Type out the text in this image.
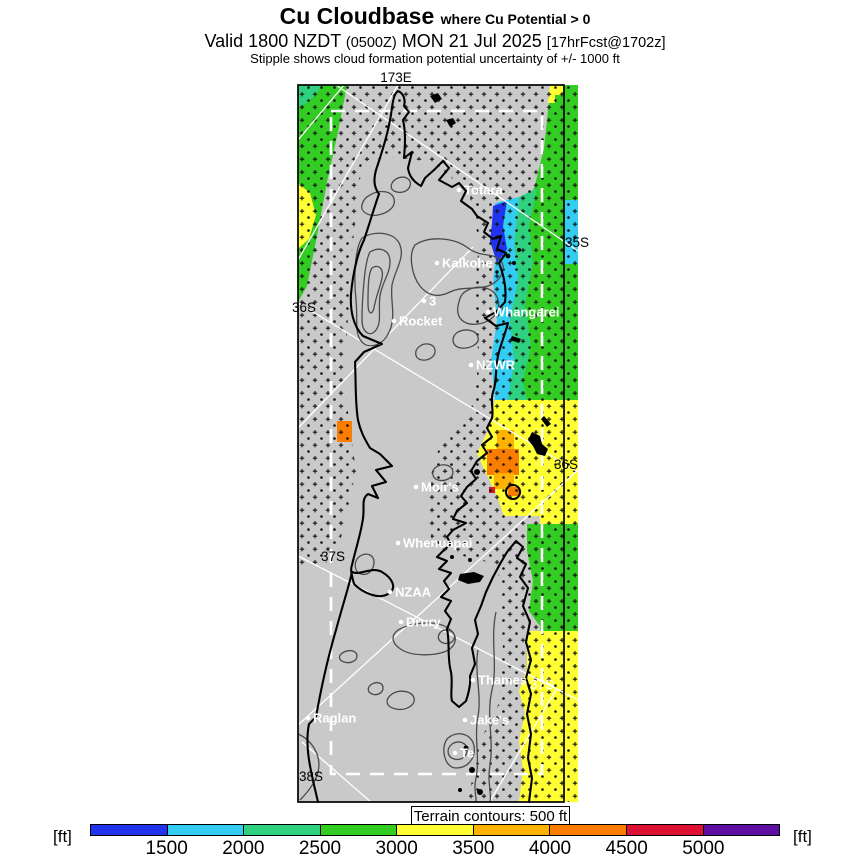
Cu Cloudbase where Cu Potential > 0
Valid 1800 NZDT (0500Z) MON 21 Jul 2025 [17hrFcst@1702z]
Stipple shows cloud formation potential uncertainty of +/- 1000 ft
173E
35S
36S
36S
37S
37S
38S
Totara
Kaikohe
3
Rocket
Whangarei
NZWR
Moir's
Whenuapai
NZAA
Drury
Thames
Raglan	Jake's
Te
Terrain contours: 500 ft
[ft]
1500 2000 2500 3000 3500 4000 4500 5000
[ft]
